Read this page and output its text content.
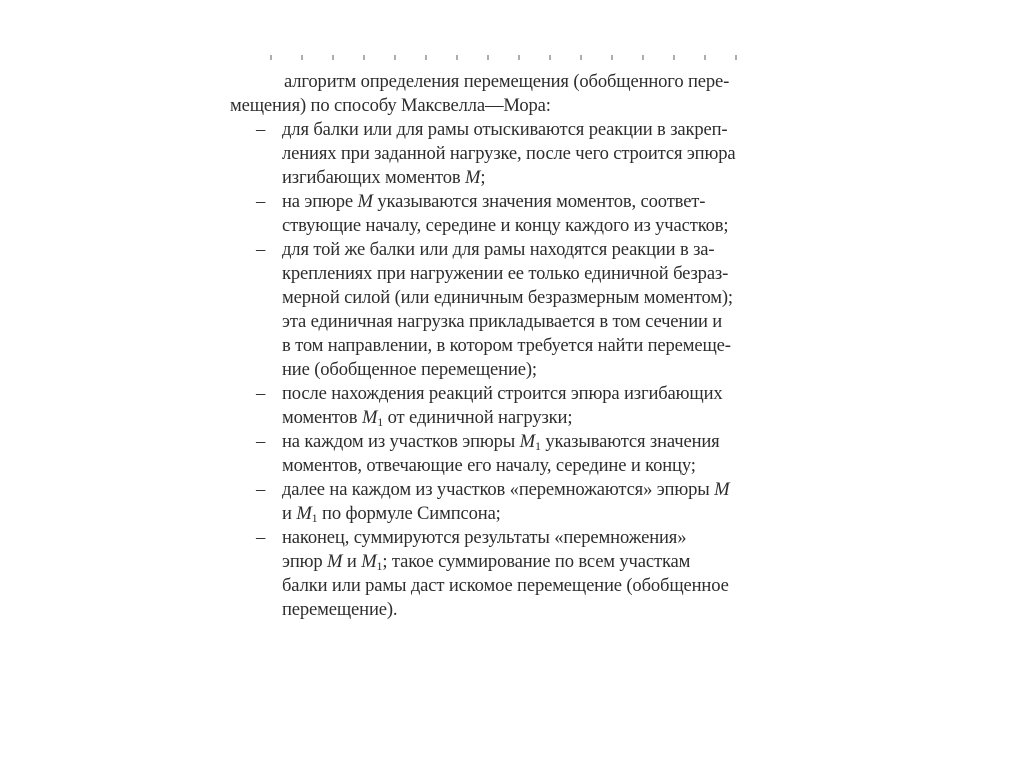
алгоритм определения перемещения (обобщенного пере-
мещения) по способу Максвелла—Мора:
– для балки или для рамы отыскиваются реакции в закреп-
лениях при заданной нагрузке, после чего строится эпюра
изгибающих моментов M;
– на эпюре M указываются значения моментов, соответ-
ствующие началу, середине и концу каждого из участков;
– для той же балки или для рамы находятся реакции в за-
креплениях при нагружении ее только единичной безраз-
мерной силой (или единичным безразмерным моментом);
эта единичная нагрузка прикладывается в том сечении и
в том направлении, в котором требуется найти перемеще-
ние (обобщенное перемещение);
– после нахождения реакций строится эпюра изгибающих
моментов $M_1$ от единичной нагрузки;
– на каждом из участков эпюры $M_1$ указываются значения
моментов, отвечающие его началу, середине и концу;
– далее на каждом из участков «перемножаются» эпюры M
и $M_1$ по формуле Симпсона;
– наконец, суммируются результаты «перемножения»
эпюр M и $M_1$; такое суммирование по всем участкам
балки или рамы даст искомое перемещение (обобщенное
перемещение).
